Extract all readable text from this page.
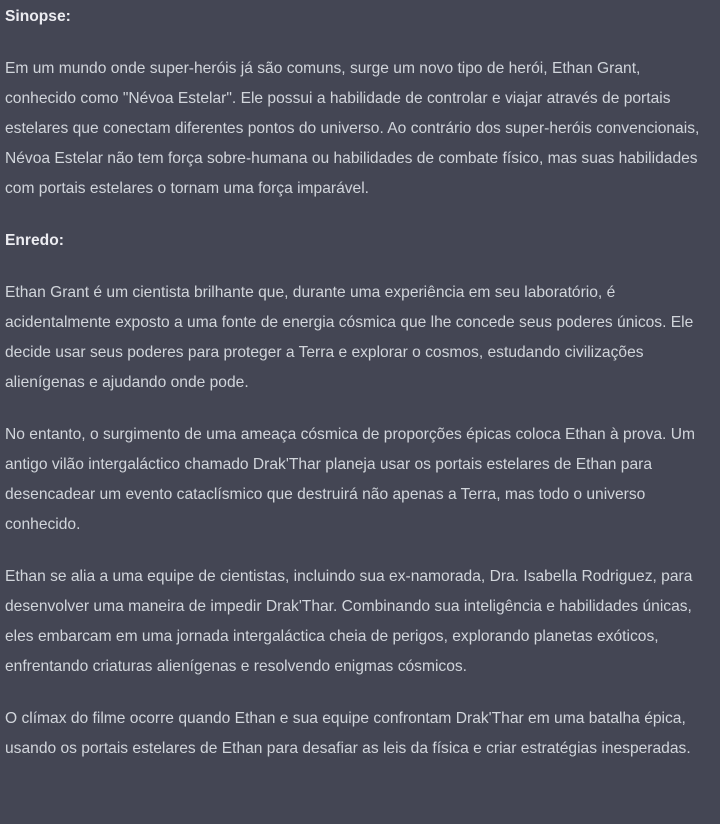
Sinopse:

Em um mundo onde super-heróis já são comuns, surge um novo tipo de herói, Ethan Grant, conhecido como "Névoa Estelar". Ele possui a habilidade de controlar e viajar através de portais estelares que conectam diferentes pontos do universo. Ao contrário dos super-heróis convencionais, Névoa Estelar não tem força sobre-humana ou habilidades de combate físico, mas suas habilidades com portais estelares o tornam uma força imparável.

Enredo:

Ethan Grant é um cientista brilhante que, durante uma experiência em seu laboratório, é acidentalmente exposto a uma fonte de energia cósmica que lhe concede seus poderes únicos. Ele decide usar seus poderes para proteger a Terra e explorar o cosmos, estudando civilizações alienígenas e ajudando onde pode.

No entanto, o surgimento de uma ameaça cósmica de proporções épicas coloca Ethan à prova. Um antigo vilão intergaláctico chamado Drak'Thar planeja usar os portais estelares de Ethan para desencadear um evento cataclísmico que destruirá não apenas a Terra, mas todo o universo conhecido.

Ethan se alia a uma equipe de cientistas, incluindo sua ex-namorada, Dra. Isabella Rodriguez, para desenvolver uma maneira de impedir Drak'Thar. Combinando sua inteligência e habilidades únicas, eles embarcam em uma jornada intergaláctica cheia de perigos, explorando planetas exóticos, enfrentando criaturas alienígenas e resolvendo enigmas cósmicos.

O clímax do filme ocorre quando Ethan e sua equipe confrontam Drak'Thar em uma batalha épica, usando os portais estelares de Ethan para desafiar as leis da física e criar estratégias inesperadas.
